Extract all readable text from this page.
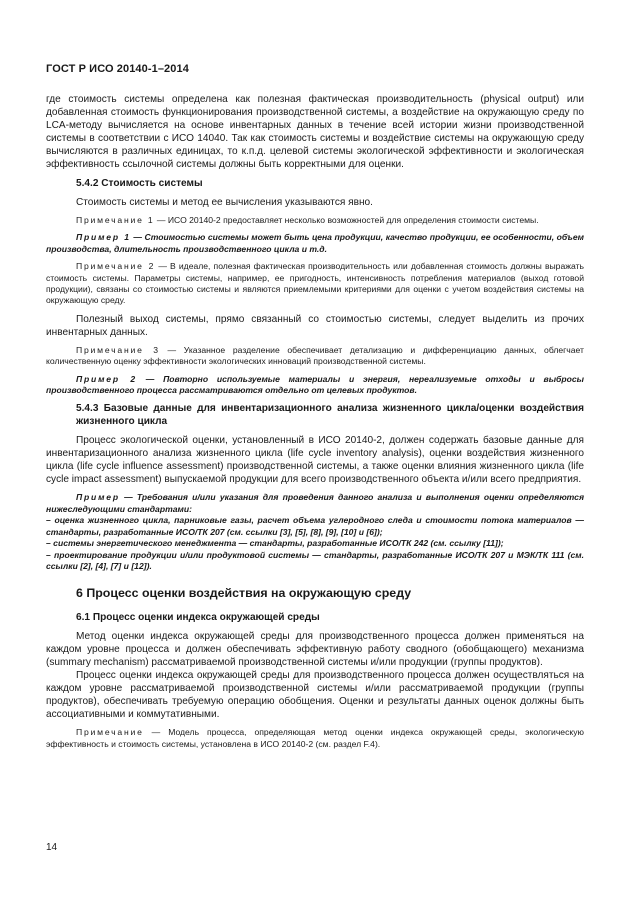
ГОСТ Р ИСО 20140-1–2014

где стоимость системы определена как полезная фактическая производительность (physical output) или добавленная стоимость функционирования производственной системы, а воздействие на окружающую среду по LCA-методу вычисляется на основе инвентарных данных в течение всей истории жизни производственной системы в соответствии с ИСО 14040. Так как стоимость системы и воздействие системы на окружающую среду вычисляются в различных единицах, то к.п.д. целевой системы экологической эффективности и экологическая эффективность ссылочной системы должны быть корректными для оценки.

5.4.2 Стоимость системы

Стоимость системы и метод ее вычисления указываются явно.

Примечание 1 — ИСО 20140-2 предоставляет несколько возможностей для определения стоимости системы.

Пример 1 — Стоимостью системы может быть цена продукции, качество продукции, ее особенности, объем производства, длительность производственного цикла и т.д.

Примечание 2 — В идеале, полезная фактическая производительность или добавленная стоимость должны выражать стоимость системы. Параметры системы, например, ее пригодность, интенсивность потребления материалов (выход готовой продукции), связаны со стоимостью системы и являются приемлемыми критериями для оценки с учетом воздействия системы на окружающую среду.

Полезный выход системы, прямо связанный со стоимостью системы, следует выделить из прочих инвентарных данных.

Примечание 3 — Указанное разделение обеспечивает детализацию и дифференциацию данных, облегчает количественную оценку эффективности экологических инноваций производственной системы.

Пример 2 — Повторно используемые материалы и энергия, нереализуемые отходы и выбросы производственного процесса рассматриваются отдельно от целевых продуктов.

5.4.3 Базовые данные для инвентаризационного анализа жизненного цикла/оценки воздействия жизненного цикла

Процесс экологической оценки, установленный в ИСО 20140-2, должен содержать базовые данные для инвентаризационного анализа жизненного цикла (life cycle inventory analysis), оценки воздействия жизненного цикла (life cycle influence assessment) производственной системы, а также оценки влияния жизненного цикла (life cycle impact assessment) выпускаемой продукции для всего производственного объекта и/или всего предприятия.

Пример — Требования и/или указания для проведения данного анализа и выполнения оценки определяются нижеследующими стандартами:

– оценка жизненного цикла, парниковые газы, расчет объема углеродного следа и стоимости потока материалов — стандарты, разработанные ИСО/ТК 207 (см. ссылки [3], [5], [8], [9], [10] и [6]);

– системы энергетического менеджмента — стандарты, разработанные ИСО/ТК 242 (см. ссылку [11]);

– проектирование продукции и/или продуктовой системы — стандарты, разработанные ИСО/ТК 207 и МЭК/ТК 111 (см. ссылки [2], [4], [7] и [12]).

6 Процесс оценки воздействия на окружающую среду

6.1 Процесс оценки индекса окружающей среды

Метод оценки индекса окружающей среды для производственного процесса должен применяться на каждом уровне процесса и должен обеспечивать эффективную работу сводного (обобщающего) механизма (summary mechanism) рассматриваемой производственной системы и/или продукции (группы продуктов).

Процесс оценки индекса окружающей среды для производственного процесса должен осуществляться на каждом уровне рассматриваемой производственной системы и/или рассматриваемой продукции (группы продуктов), обеспечивать требуемую операцию обобщения. Оценки и результаты данных оценок должны быть ассоциативными и коммутативными.

Примечание — Модель процесса, определяющая метод оценки индекса окружающей среды, экологическую эффективность и стоимость системы, установлена в ИСО 20140-2 (см. раздел F.4).

14
